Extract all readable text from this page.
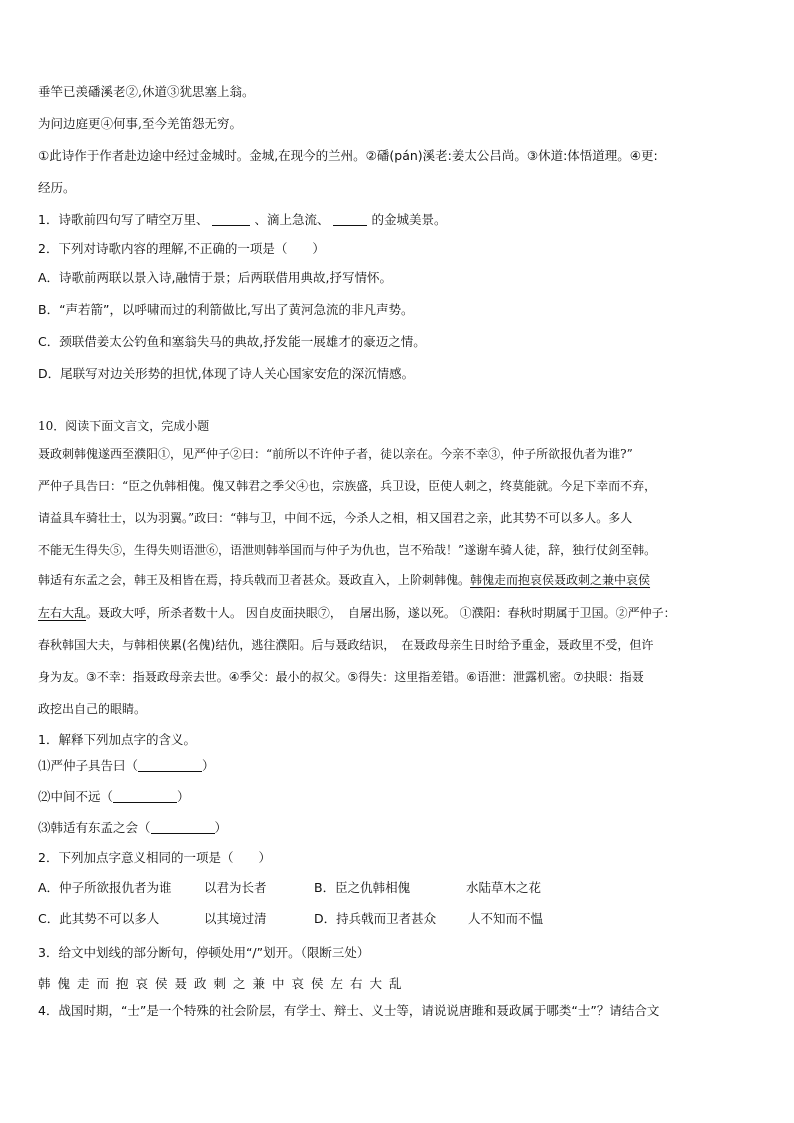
垂竿已羡磻溪老②,休道③犹思塞上翁。
为问边庭更④何事,至今羌笛怨无穷。
①此诗作于作者赴边途中经过金城时。金城,在现今的兰州。②磻(pán)溪老:姜太公吕尚。③休道:体悟道理。④更:
经历。
1．诗歌前四句写了晴空万里、	、滴上急流、	的金城美景。
2．下列对诗歌内容的理解,不正确的一项是（　　）
A．诗歌前两联以景入诗,融情于景；后两联借用典故,抒写情怀。
B．“声若箭”，以呼啸而过的利箭做比,写出了黄河急流的非凡声势。
C．颈联借姜太公钓鱼和塞翁失马的典故,抒发能一展雄才的豪迈之情。
D．尾联写对边关形势的担忧,体现了诗人关心国家安危的深沉情感。
10．阅读下面文言文，完成小题
聂政刺韩傀遂西至濮阳①，见严仲子②曰：“前所以不许仲子者，徒以亲在。今亲不幸③，仲子所欲报仇者为谁?”
严仲子具告曰：“臣之仇韩相傀。傀又韩君之季父④也，宗族盛，兵卫设，臣使人刺之，终莫能就。今足下幸而不弃，
请益具车骑壮士，以为羽翼。”政曰：“韩与卫，中间不远，今杀人之相，相又国君之亲，此其势不可以多人。多人
不能无生得失⑤，生得失则语泄⑥，语泄则韩举国而与仲子为仇也，岂不殆哉！”遂谢车骑人徒，辞，独行仗剑至韩。
韩适有东孟之会，韩王及相皆在焉，持兵戟而卫者甚众。聂政直入，上阶刺韩傀。韩傀走而抱哀侯聂政刺之兼中哀侯
左右大乱。聂政大呼，所杀者数十人。 因自皮面抉眼⑦，　自屠出肠，遂以死。 ①濮阳：春秋时期属于卫国。②严仲子：
春秋韩国大夫，与韩相侠累(名傀)结仇，逃往濮阳。后与聂政结识，　在聂政母亲生日时给予重金，聂政里不受，但许
身为友。③不幸：指聂政母亲去世。④季父：最小的叔父。⑤得失：这里指差错。⑥语泄：泄露机密。⑦抉眼：指聂
政挖出自己的眼睛。
1．解释下列加点字的含义。
⑴严仲子具告曰（	）
⑵中间不远（	）
⑶韩适有东孟之会（	）
2．下列加点字意义相同的一项是（　　）
A．仲子所欲报仇者为谁	以君为长者	B．臣之仇韩相傀	水陆草木之花
C．此其势不可以多人	以其境过清	D．持兵戟而卫者甚众	人不知而不愠
3．给文中划线的部分断句，停顿处用“/”划开。（限断三处）
韩傀走而抱哀侯聂政刺之兼中哀侯左右大乱
4．战国时期，“士”是一个特殊的社会阶层，有学士、辩士、义士等，请说说唐雎和聂政属于哪类“士”？请结合文
